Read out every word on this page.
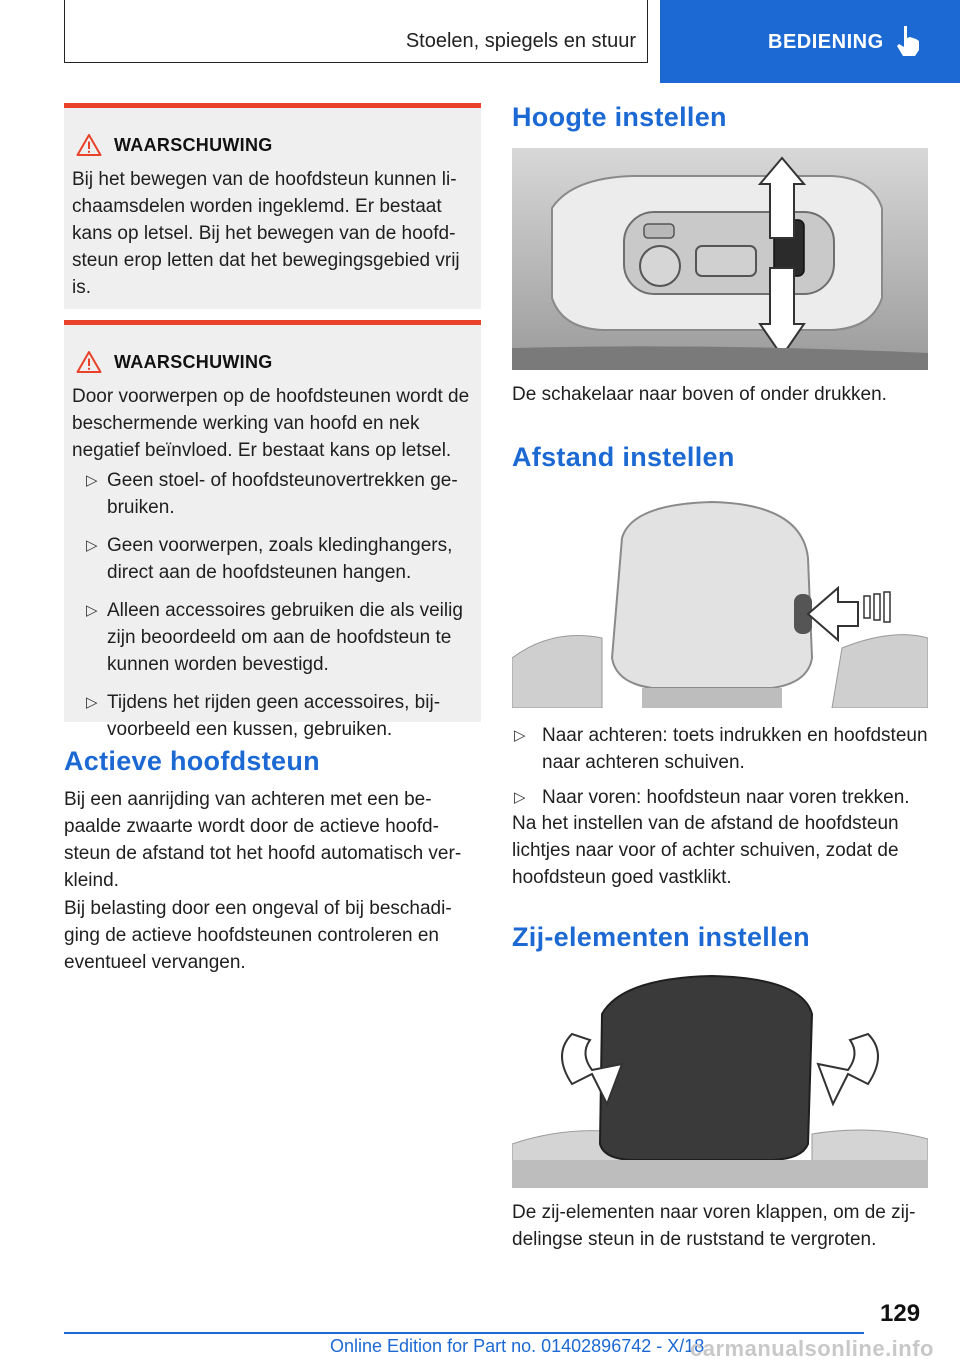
Stoelen, spiegels en stuur	BEDIENING
WAARSCHUWING
Bij het bewegen van de hoofdsteun kunnen lichaamsdelen worden ingeklemd. Er bestaat kans op letsel. Bij het bewegen van de hoofdsteun erop letten dat het bewegingsgebied vrij is.
WAARSCHUWING
Door voorwerpen op de hoofdsteunen wordt de beschermende werking van hoofd en nek negatief beïnvloed. Er bestaat kans op letsel.
▷ Geen stoel- of hoofdsteunovertrekken gebruiken.
▷ Geen voorwerpen, zoals kledinghangers, direct aan de hoofdsteunen hangen.
▷ Alleen accessoires gebruiken die als veilig zijn beoordeeld om aan de hoofdsteun te kunnen worden bevestigd.
▷ Tijdens het rijden geen accessoires, bijvoorbeeld een kussen, gebruiken.
Actieve hoofdsteun
Bij een aanrijding van achteren met een bepaalde zwaarte wordt door de actieve hoofdsteun de afstand tot het hoofd automatisch verkleind.
Bij belasting door een ongeval of bij beschadiging de actieve hoofdsteunen controleren en eventueel vervangen.
Hoogte instellen
De schakelaar naar boven of onder drukken.
Afstand instellen
▷ Naar achteren: toets indrukken en hoofdsteun naar achteren schuiven.
▷ Naar voren: hoofdsteun naar voren trekken.
Na het instellen van de afstand de hoofdsteun lichtjes naar voor of achter schuiven, zodat de hoofdsteun goed vastklikt.
Zij-elementen instellen
De zij-elementen naar voren klappen, om de zijdelingse steun in de ruststand te vergroten.
129
Online Edition for Part no. 01402896742 - X/18
carmanualsonline.info
